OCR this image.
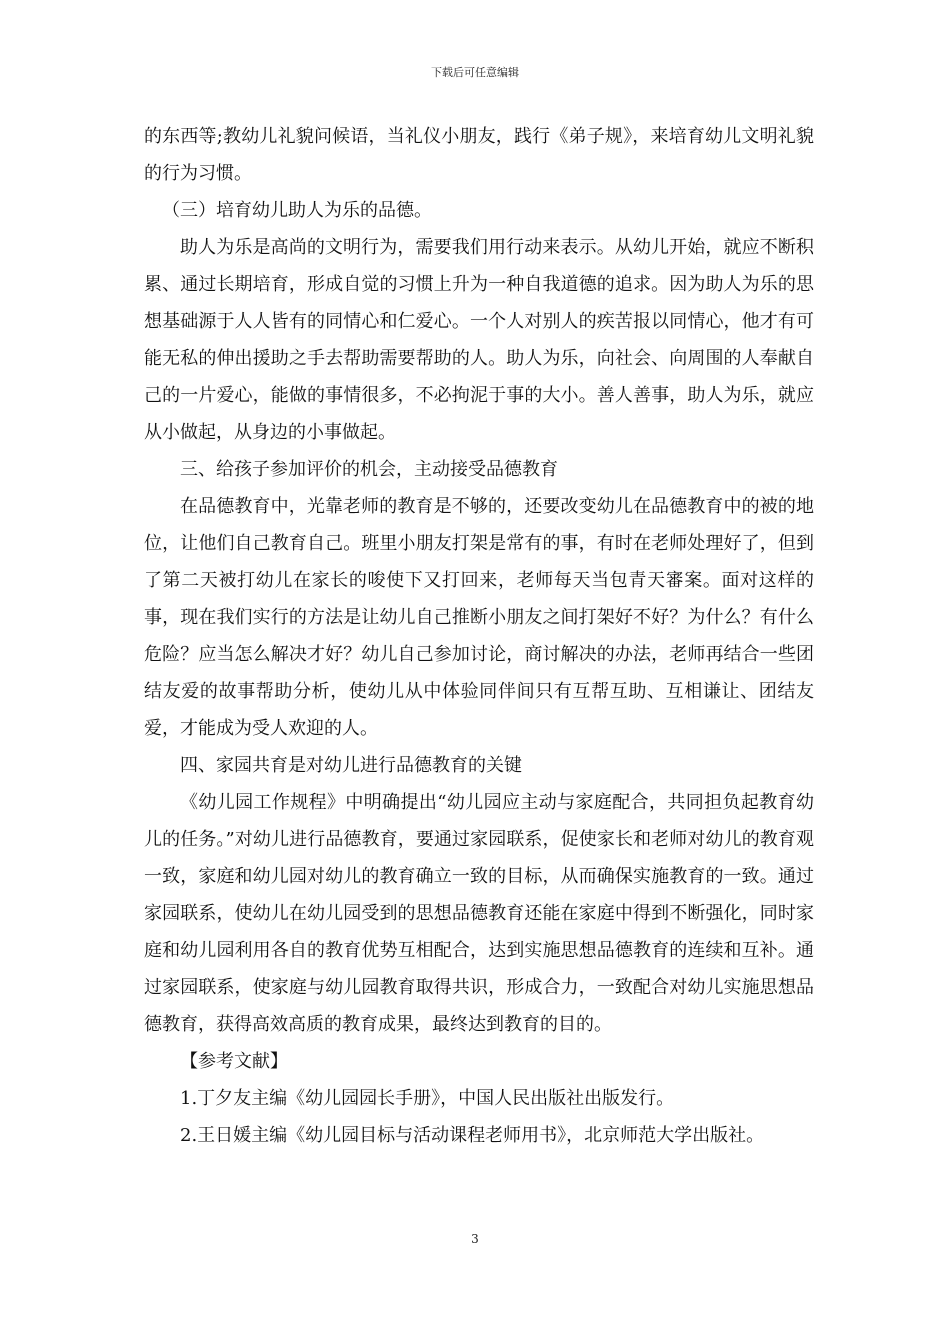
下载后可任意编辑

的东西等;教幼儿礼貌问候语，当礼仪小朋友，践行《弟子规》，来培育幼儿文明礼貌的行为习惯。

（三）培育幼儿助人为乐的品德。

助人为乐是高尚的文明行为，需要我们用行动来表示。从幼儿开始，就应不断积累、通过长期培育，形成自觉的习惯上升为一种自我道德的追求。因为助人为乐的思想基础源于人人皆有的同情心和仁爱心。一个人对别人的疾苦报以同情心，他才有可能无私的伸出援助之手去帮助需要帮助的人。助人为乐，向社会、向周围的人奉献自己的一片爱心，能做的事情很多，不必拘泥于事的大小。善人善事，助人为乐，就应从小做起，从身边的小事做起。

三、给孩子参加评价的机会，主动接受品德教育

在品德教育中，光靠老师的教育是不够的，还要改变幼儿在品德教育中的被的地位，让他们自己教育自己。班里小朋友打架是常有的事，有时在老师处理好了，但到了第二天被打幼儿在家长的唆使下又打回来，老师每天当包青天審案。面对这样的事，现在我们实行的方法是让幼儿自己推断小朋友之间打架好不好？为什么？有什么危险？应当怎么解决才好？幼儿自己参加讨论，商讨解决的办法，老师再结合一些团结友爱的故事帮助分析，使幼儿从中体验同伴间只有互帮互助、互相谦让、团结友爱，才能成为受人欢迎的人。

四、家园共育是对幼儿进行品德教育的关键

《幼儿园工作规程》中明确提出“幼儿园应主动与家庭配合，共同担负起教育幼儿的任务。”对幼儿进行品德教育，要通过家园联系，促使家长和老师对幼儿的教育观一致，家庭和幼儿园对幼儿的教育确立一致的目标，从而确保实施教育的一致。通过家园联系，使幼儿在幼儿园受到的思想品德教育还能在家庭中得到不断强化，同时家庭和幼儿园利用各自的教育优势互相配合，达到实施思想品德教育的连续和互补。通过家园联系，使家庭与幼儿园教育取得共识，形成合力，一致配合对幼儿实施思想品德教育，获得高效高质的教育成果，最终达到教育的目的。

【参考文献】

1.丁夕友主编《幼儿园园长手册》，中国人民出版社出版发行。

2.王日媛主编《幼儿园目标与活动课程老师用书》，北京师范大学出版社。

3
